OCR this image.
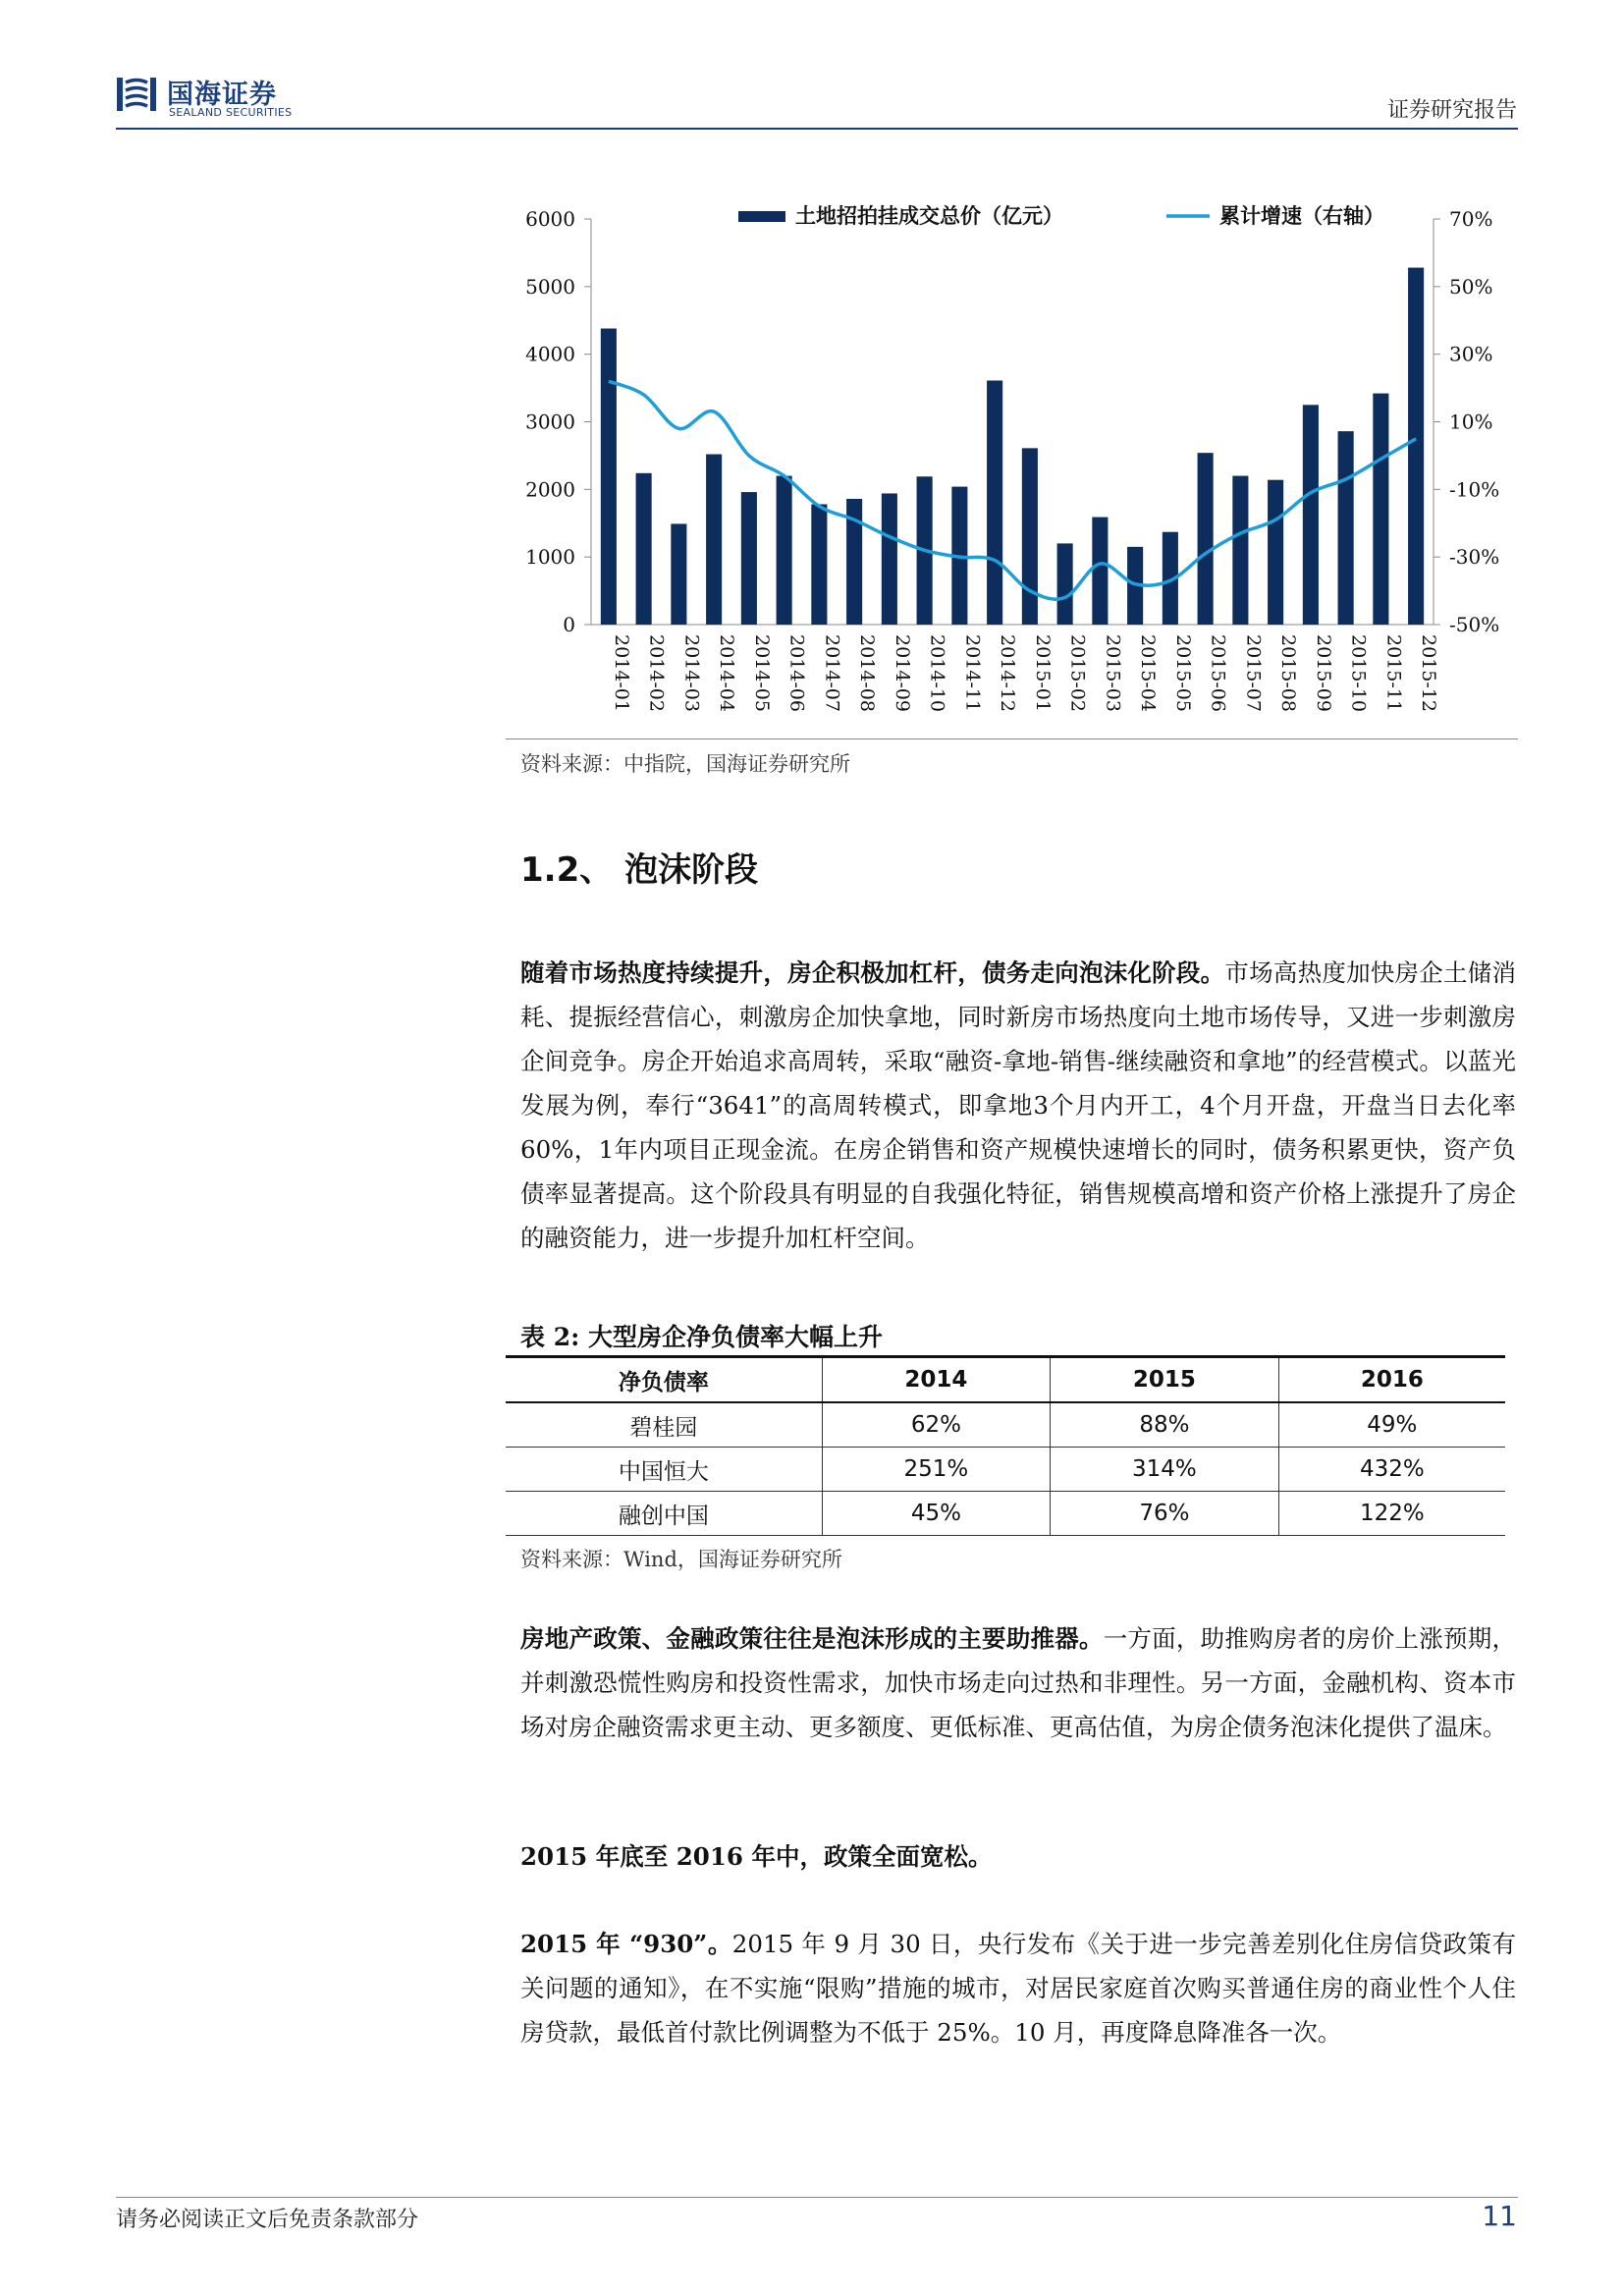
国海证券
SEALAND SECURITIES	证券研究报告
0
1000
2000
3000
4000
5000
6000
-50%
-30%
-10%
10%
30%
50%
70%
2014-01 2014-02 2014-03 2014-04 2014-05 2014-06 2014-07 2014-08 2014-09 2014-10 2014-11 2014-12 2015-01 2015-02 2015-03 2015-04 2015-05 2015-06 2015-07 2015-08 2015-09 2015-10 2015-11 2015-12
土地招拍挂成交总价（亿元）	累计增速（右轴）
资料来源：中指院，国海证券研究所
1.2、 泡沫阶段
随着市场热度持续提升，房企积极加杠杆，债务走向泡沫化阶段。市场高热度加快房企土储消耗、提振经营信心，刺激房企加快拿地，同时新房市场热度向土地市场传导，又进一步刺激房企间竞争。房企开始追求高周转，采取“融资-拿地-销售-继续融资和拿地”的经营模式。以蓝光发展为例，奉行“3641”的高周转模式，即拿地3个月内开工，4个月开盘，开盘当日去化率60%，1年内项目正现金流。在房企销售和资产规模快速增长的同时，债务积累更快，资产负债率显著提高。这个阶段具有明显的自我强化特征，销售规模高增和资产价格上涨提升了房企的融资能力，进一步提升加杠杆空间。
表 2: 大型房企净负债率大幅上升
净负债率	2014	2015	2016
碧桂园	62%	88%	49%
中国恒大	251%	314%	432%
融创中国	45%	76%	122%
资料来源：Wind，国海证券研究所
房地产政策、金融政策往往是泡沫形成的主要助推器。一方面，助推购房者的房价上涨预期，并刺激恐慌性购房和投资性需求，加快市场走向过热和非理性。另一方面，金融机构、资本市场对房企融资需求更主动、更多额度、更低标准、更高估值，为房企债务泡沫化提供了温床。
2015 年底至 2016 年中，政策全面宽松。
2015 年 “930”。2015 年 9 月 30 日，央行发布《关于进一步完善差别化住房信贷政策有关问题的通知》，在不实施“限购”措施的城市，对居民家庭首次购买普通住房的商业性个人住房贷款，最低首付款比例调整为不低于 25%。10 月，再度降息降准各一次。
请务必阅读正文后免责条款部分	11
